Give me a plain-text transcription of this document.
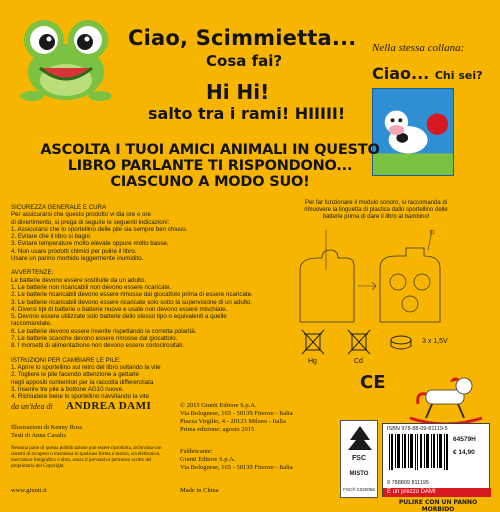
Ciao, Scimmietta...
Cosa fai?
Hi Hi!
salto tra i rami! HIIIII!
Nella stessa collana:
Ciao... Chi sei?
ASCOLTA I TUOI AMICI ANIMALI IN QUESTO LIBRO PARLANTE TI RISPONDONO... CIASCUNO A MODO SUO!
SICUREZZA GENERALE E CURA
Per assicurarsi che questo prodotto vi dia ore e ore
di divertimento, si prega di seguire le seguenti indicazioni:
1. Assicurarsi che lo sportellino delle pile sia sempre ben chiuso.
2. Evitare che il libro si bagni.
3. Evitare temperature molto elevate oppure molto basse.
4. Non usare prodotti chimici per pulire il libro.
Usare un panno morbido leggermente inumidito.
AVVERTENZE:
Le batterie devono essere sostituite da un adulto.
1. Le batterie non ricaricabili non devono essere ricaricate.
2. Le batterie ricaricabili devono essere rimosse dal giocattolo prima di essere ricaricate.
3. Le batterie ricaricabili devono essere ricaricate solo sotto la supervisione di un adulto.
4. Diversi tipi di batterie o batterie nuove e usate non devono essere mischiate.
5. Devono essere utilizzate solo batterie dello stesso tipo o equivalenti a quelle raccomandate.
6. Le batterie devono essere inserite rispettando la corretta polarità.
7. Le batterie scariche devono essere rimosse dal giocattolo.
8. I morsetti di alimentazione non devono essere cortocircuitati.
ISTRUZIONI PER CAMBIARE LE PILE:
1. Aprire lo sportellino sul retro del libro svitando la vite
2. Togliere le pile facendo attenzione a gettarle
negli appositi contenitori per la raccolta differenziata
3. Inserire tre pile a bottone AG10 nuove.
4. Richiudere bene lo sportellino riavvitando la vite
Per far funzionare il modulo sonoro, si raccomanda di rimuovere la linguetta di plastica dallo sportellino delle batterie prima di dare il libro al bambino!
Hg	Cd
3 x 1,5V
CE
da un'idea di ANDREA DAMI
Illustrazioni di Kenny Ross
Testi di Anna Casalis
Nessuna parte di questa pubblicazione può essere riprodotta, archiviata con sistemi di recupero o trasmessa in qualsiasi forma o mezzo, sia elettronico, meccanico fotografico o altro, senza il preventivo permesso scritto del proprietario del Copyright.
www.giunti.it
© 2015 Giunti Editore S.p.A.
Via Bolognese, 165 - 50139 Firenze - Italia
Piazza Virgilio, 4 - 20123 Milano - Italia
Prima edizione: agosto 2015
Fabbricante:
Giunti Editore S.p.A.
Via Bolognese, 165 - 50139 Firenze - Italia
Made in China
FSC
MISTO
FSC® C020056
ISBN 978-88-09-81119-5
64579H
€ 14,90
9 788809 811195
È un prezzo DAMI
PULIRE CON UN PANNO MORBIDO
